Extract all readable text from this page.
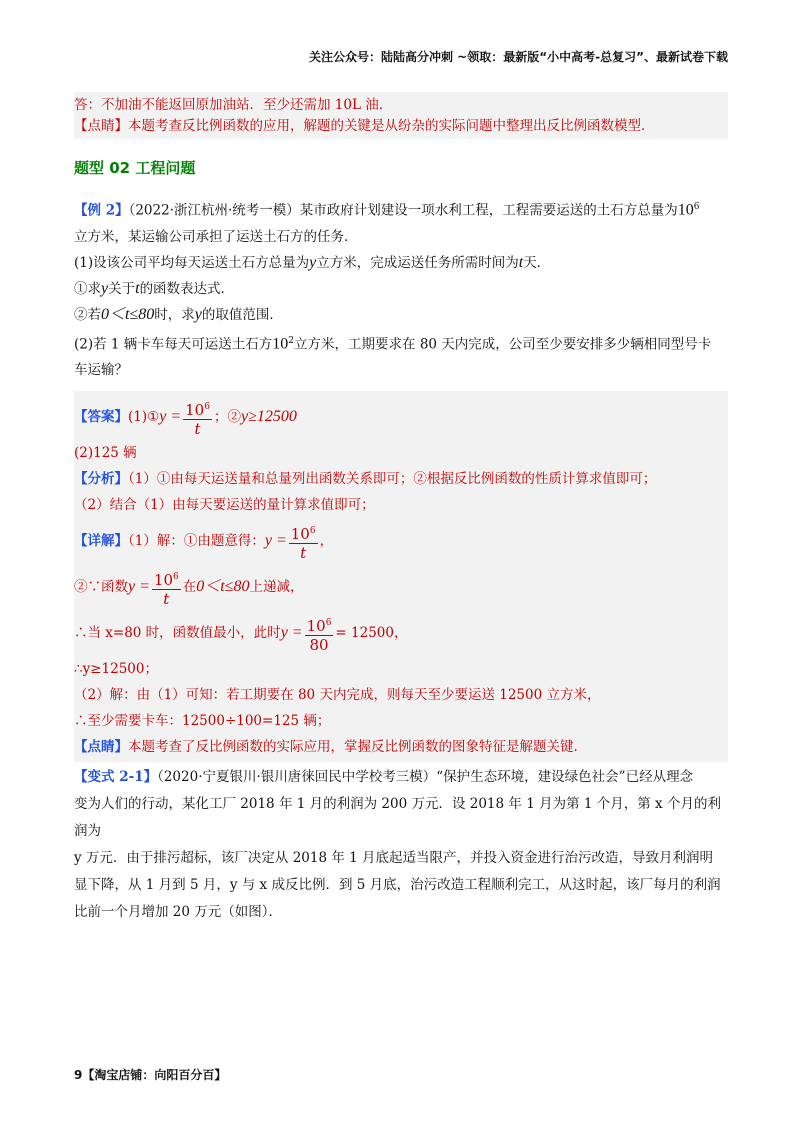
关注公众号：陆陆高分冲刺 ~领取：最新版“小中高考-总复习”、最新试卷下载
答：不加油不能返回原加油站．至少还需加 10L 油．
【点睛】本题考查反比例函数的应用，解题的关键是从纷杂的实际问题中整理出反比例函数模型．
题型 02 工程问题
【例 2】（2022·浙江杭州·统考一模）某市政府计划建设一项水利工程，工程需要运送的土石方总量为$10^6$
立方米，某运输公司承担了运送土石方的任务．
(1)设该公司平均每天运送土石方总量为y立方米，完成运送任务所需时间为t天．
①求y关于t的函数表达式．
②若0＜t≤80时，求y的取值范围．
(2)若 1 辆卡车每天可运送土石方$10^2$立方米，工期要求在 80 天内完成，公司至少要安排多少辆相同型号卡
车运输？
【答案】(1)①y = $\frac{10^6}{t}$ ；②y≥12500
(2)125 辆
【分析】（1）①由每天运送量和总量列出函数关系即可；②根据反比例函数的性质计算求值即可；
（2）结合（1）由每天要运送的量计算求值即可；
【详解】（1）解：①由题意得：$y = \frac{10^6}{t}$ ，
②∵函数$y = \frac{10^6}{t}$ 在0＜t≤80上递减，
∴当 x=80 时，函数值最小，此时$y = \frac{10^6}{80} = 12500$，
∴y≥12500；
（2）解：由（1）可知：若工期要在 80 天内完成，则每天至少要运送 12500 立方米，
∴至少需要卡车：12500÷100=125 辆；
【点睛】本题考查了反比例函数的实际应用，掌握反比例函数的图象特征是解题关键．
【变式 2-1】（2020·宁夏银川·银川唐徕回民中学校考三模）“保护生态环境，建设绿色社会”已经从理念
变为人们的行动，某化工厂 2018 年 1 月的利润为 200 万元．设 2018 年 1 月为第 1 个月，第 x 个月的利润为
y 万元．由于排污超标，该厂决定从 2018 年 1 月底起适当限产，并投入资金进行治污改造，导致月利润明
显下降，从 1 月到 5 月，y 与 x 成反比例．到 5 月底，治污改造工程顺利完工，从这时起，该厂每月的利润
比前一个月增加 20 万元（如图）．
9【淘宝店铺：向阳百分百】
